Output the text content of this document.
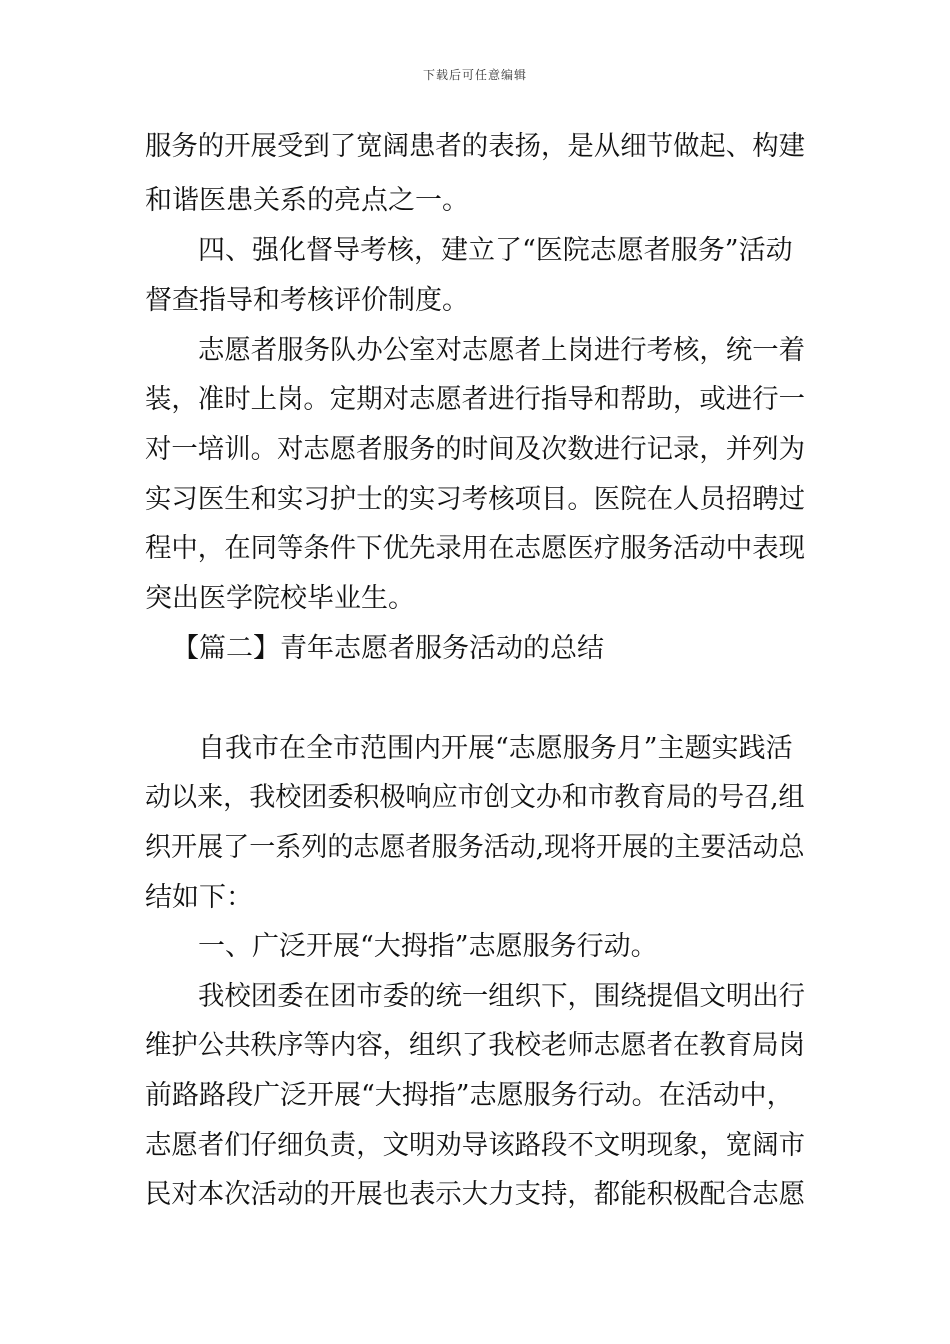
下载后可任意编辑
服务的开展受到了宽阔患者的表扬，是从细节做起、构建
和谐医患关系的亮点之一。
四、强化督导考核，建立了“医院志愿者服务”活动
督查指导和考核评价制度。
志愿者服务队办公室对志愿者上岗进行考核，统一着
装，准时上岗。定期对志愿者进行指导和帮助，或进行一
对一培训。对志愿者服务的时间及次数进行记录，并列为
实习医生和实习护士的实习考核项目。医院在人员招聘过
程中，在同等条件下优先录用在志愿医疗服务活动中表现
突出医学院校毕业生。
【篇二】青年志愿者服务活动的总结
自我市在全市范围内开展“志愿服务月”主题实践活
动以来，我校团委积极响应市创文办和市教育局的号召,组
织开展了一系列的志愿者服务活动,现将开展的主要活动总
结如下：
一、广泛开展“大拇指”志愿服务行动。
我校团委在团市委的统一组织下，围绕提倡文明出行
维护公共秩序等内容，组织了我校老师志愿者在教育局岗
前路路段广泛开展“大拇指”志愿服务行动。在活动中，
志愿者们仔细负责，文明劝导该路段不文明现象，宽阔市
民对本次活动的开展也表示大力支持，都能积极配合志愿
